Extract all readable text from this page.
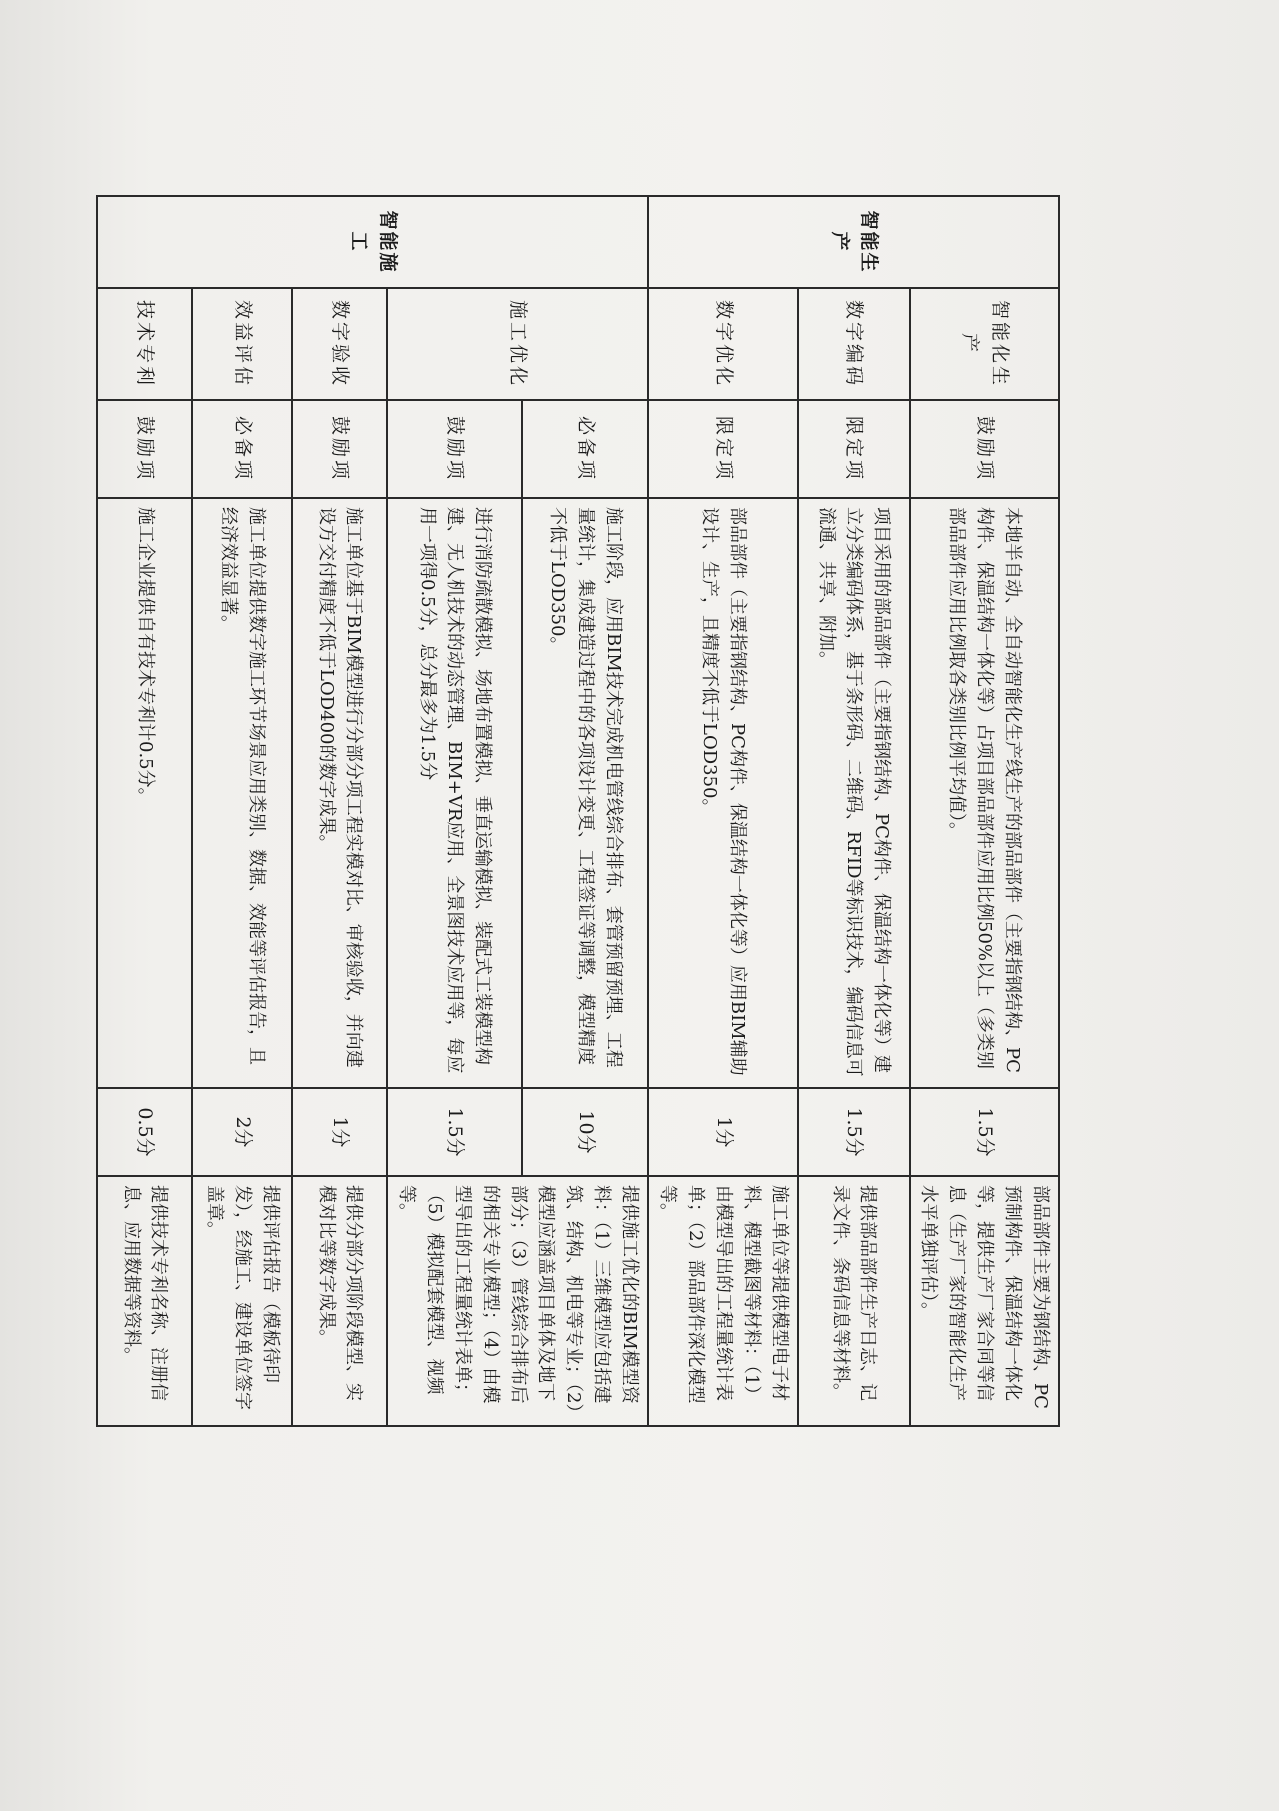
智能生产	智能化生产	鼓励项	本地半自动、全自动智能化生产线生产的部品部件（主要指钢结构、PC构件、保温结构一体化等）占项目部品部件应用比例50%以上（多类别部品部件应用比例取各类别比例平均值）。	1.5分	部品部件主要为钢结构、PC预制构件、保温结构一体化等，提供生产厂家合同等信息（生产厂家的智能化生产水平单独评估）。
	数字编码	限定项	项目采用的部品部件（主要指钢结构、PC构件、保温结构一体化等）建立分类编码体系，基于条形码、二维码、RFID等标识技术，编码信息可流通、共享、附加。	1.5分	提供部品部件生产日志、记录文件、条码信息等材料。
	数字优化	限定项	部品部件（主要指钢结构、PC构件、保温结构一体化等）应用BIM辅助设计、生产，且精度不低于LOD350。	1分	施工单位等提供模型电子材料、模型截图等材料：（1）由模型导出的工程量统计表单；（2）部品部件深化模型等。
智能施工	施工优化	必备项	施工阶段，应用BIM技术完成机电管线综合排布、套管预留预埋、工程量统计，集成建造过程中的各项设计变更、工程签证等调整，模型精度不低于LOD350。	10分	提供施工优化的BIM模型资料：（1）三维模型应包括建筑、结构、机电等专业；（2）模型应涵盖项目单体及地下部分；（3）管线综合排布后的相关专业模型；（4）由模型导出的工程量统计表单；（5）模拟配套模型、视频等。
		鼓励项	进行消防疏散模拟、场地布置模拟、垂直运输模拟、装配式工装模型构建、无人机技术的动态管理、BIM+VR应用、全景图技术应用等，每应用一项得0.5分，总分最多为1.5分	1.5分	
	数字验收	鼓励项	施工单位基于BIM模型进行分部分项工程实模对比、审核验收，并向建设方交付精度不低于LOD400的数字成果。	1分	提供分部分项阶段模型、实模对比等数字成果。
	效益评估	必备项	施工单位提供数字施工环节场景应用类别、数据、效能等评估报告，且经济效益显著。	2分	提供评估报告（模板待印发），经施工、建设单位签字盖章。
	技术专利	鼓励项	施工企业提供自有技术专利计0.5分。	0.5分	提供技术专利名称、注册信息、应用数据等资料。
